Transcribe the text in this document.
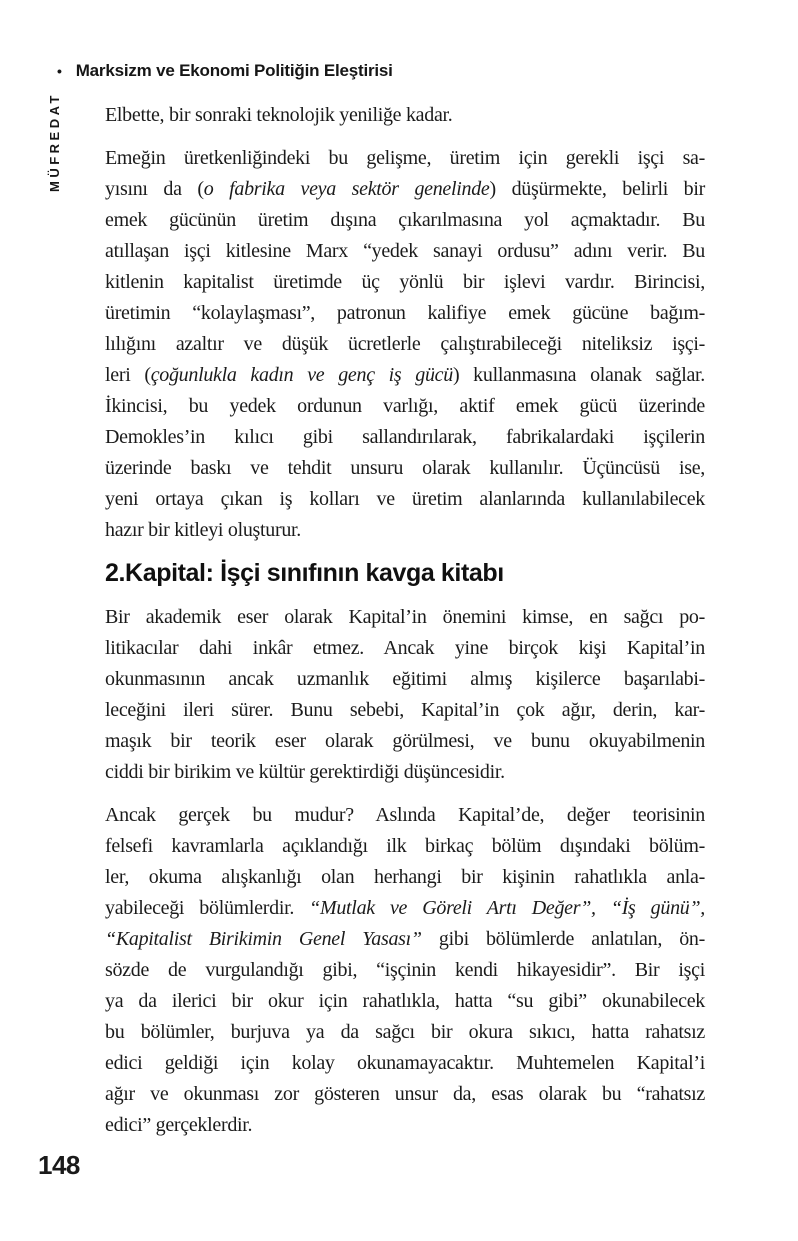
• Marksizm ve Ekonomi Politiğin Eleştirisi
MÜFREDAT Elbette, bir sonraki teknolojik yeniliğe kadar.
Emeğin üretkenliğindeki bu gelişme, üretim için gerekli işçi sa-
yısını da (o fabrika veya sektör genelinde) düşürmekte, belirli bir
emek gücünün üretim dışına çıkarılmasına yol açmaktadır. Bu
atıllaşan işçi kitlesine Marx “yedek sanayi ordusu” adını verir. Bu
kitlenin kapitalist üretimde üç yönlü bir işlevi vardır. Birincisi,
üretimin “kolaylaşması”, patronun kalifiye emek gücüne bağım-
lılığını azaltır ve düşük ücretlerle çalıştırabileceği niteliksiz işçi-
leri (çoğunlukla kadın ve genç iş gücü) kullanmasına olanak sağlar.
İkincisi, bu yedek ordunun varlığı, aktif emek gücü üzerinde
Demokles’in kılıcı gibi sallandırılarak, fabrikalardaki işçilerin
üzerinde baskı ve tehdit unsuru olarak kullanılır. Üçüncüsü ise,
yeni ortaya çıkan iş kolları ve üretim alanlarında kullanılabilecek
hazır bir kitleyi oluşturur.
2.Kapital: İşçi sınıfının kavga kitabı
Bir akademik eser olarak Kapital’in önemini kimse, en sağcı po-
litikacılar dahi inkâr etmez. Ancak yine birçok kişi Kapital’in
okunmasının ancak uzmanlık eğitimi almış kişilerce başarılabi-
leceğini ileri sürer. Bunu sebebi, Kapital’in çok ağır, derin, kar-
maşık bir teorik eser olarak görülmesi, ve bunu okuyabilmenin
ciddi bir birikim ve kültür gerektirdiği düşüncesidir.
Ancak gerçek bu mudur? Aslında Kapital’de, değer teorisinin
felsefi kavramlarla açıklandığı ilk birkaç bölüm dışındaki bölüm-
ler, okuma alışkanlığı olan herhangi bir kişinin rahatlıkla anla-
yabileceği bölümlerdir. “Mutlak ve Göreli Artı Değer”, “İş günü”,
“Kapitalist Birikimin Genel Yasası” gibi bölümlerde anlatılan, ön-
sözde de vurgulandığı gibi, “işçinin kendi hikayesidir”. Bir işçi
ya da ilerici bir okur için rahatlıkla, hatta “su gibi” okunabilecek
bu bölümler, burjuva ya da sağcı bir okura sıkıcı, hatta rahatsız
edici geldiği için kolay okunamayacaktır. Muhtemelen Kapital’i
ağır ve okunması zor gösteren unsur da, esas olarak bu “rahatsız
edici” gerçeklerdir.
148
